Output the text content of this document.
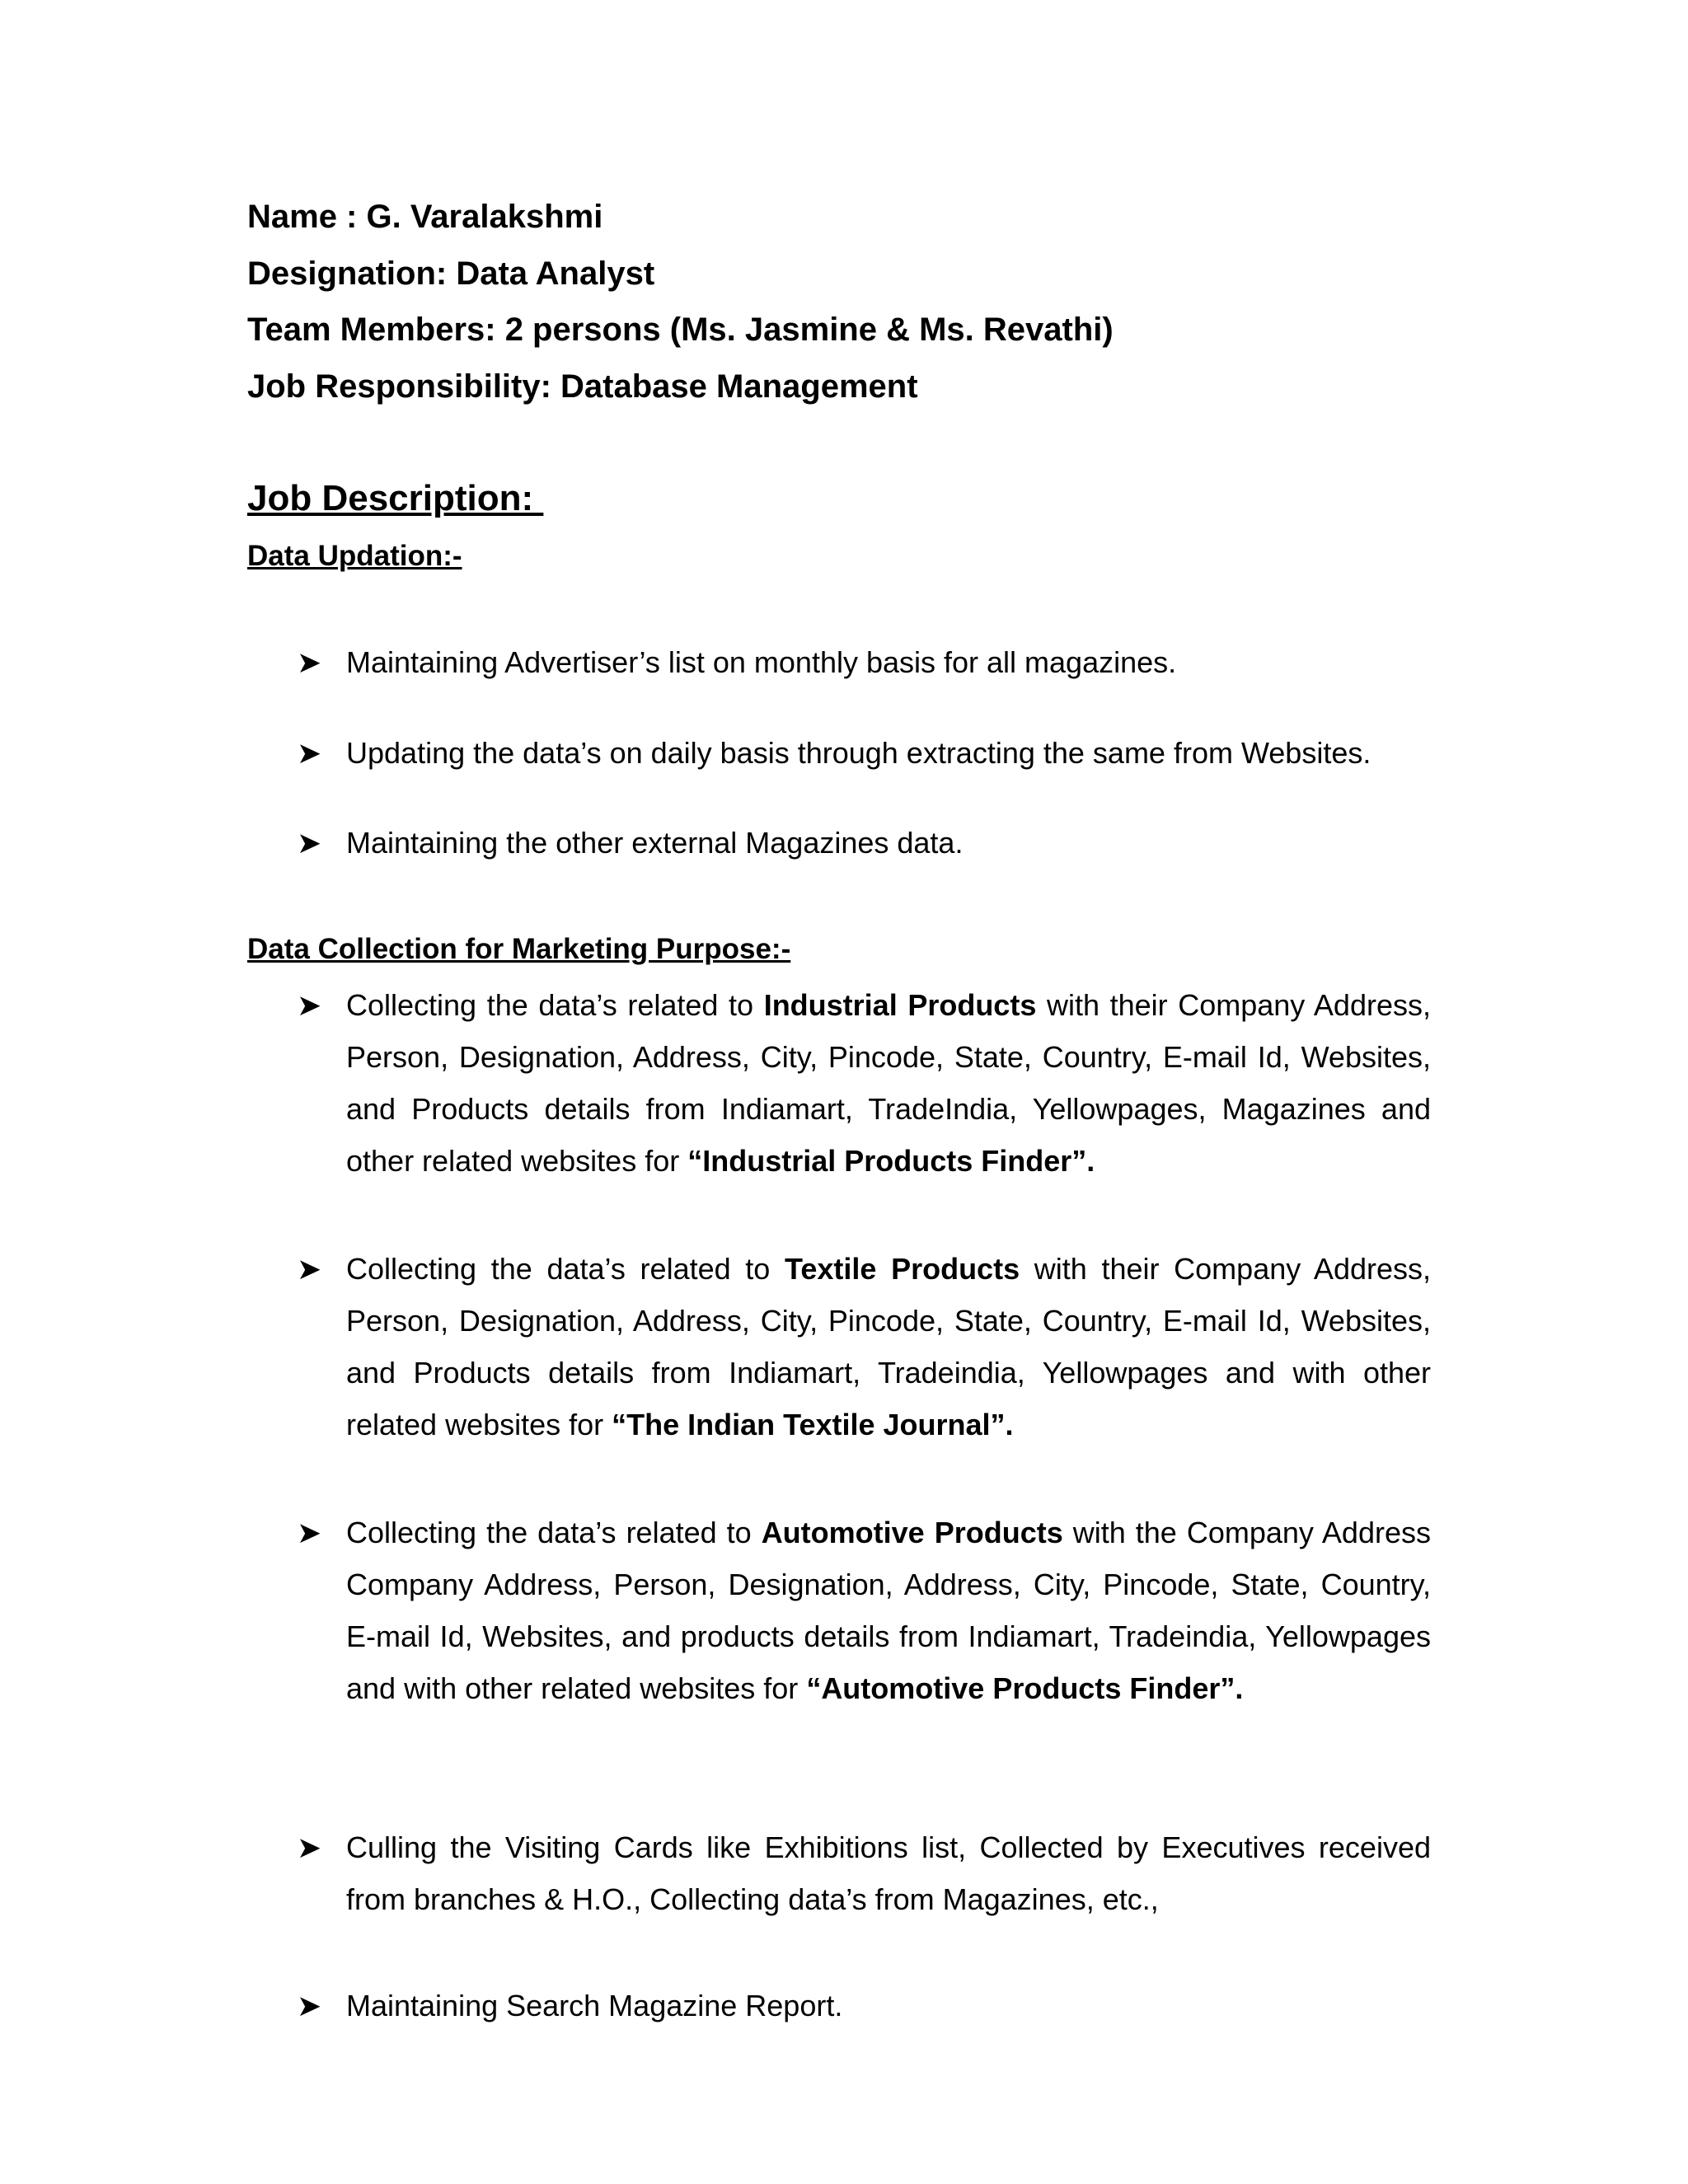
Name : G. Varalakshmi
Designation: Data Analyst
Team Members: 2 persons (Ms. Jasmine & Ms. Revathi)
Job Responsibility: Database Management
Job Description:
Data Updation:-
➤ Maintaining Advertiser’s list on monthly basis for all magazines.
➤ Updating the data’s on daily basis through extracting the same from Websites.
➤ Maintaining the other external Magazines data.
Data Collection for Marketing Purpose:-
➤ Collecting the data’s related to Industrial Products with their Company Address, Person, Designation, Address, City, Pincode, State, Country, E-mail Id, Websites, and Products details from Indiamart, TradeIndia, Yellowpages, Magazines and other related websites for “Industrial Products Finder”.
➤ Collecting the data’s related to Textile Products with their Company Address, Person, Designation, Address, City, Pincode, State, Country, E-mail Id, Websites, and Products details from Indiamart, Tradeindia, Yellowpages and with other related websites for “The Indian Textile Journal”.
➤ Collecting the data’s related to Automotive Products with the Company Address Company Address, Person, Designation, Address, City, Pincode, State, Country, E-mail Id, Websites, and products details from Indiamart, Tradeindia, Yellowpages and with other related websites for “Automotive Products Finder”.
➤ Culling the Visiting Cards like Exhibitions list, Collected by Executives received from branches & H.O., Collecting data’s from Magazines, etc.,
➤ Maintaining Search Magazine Report.
